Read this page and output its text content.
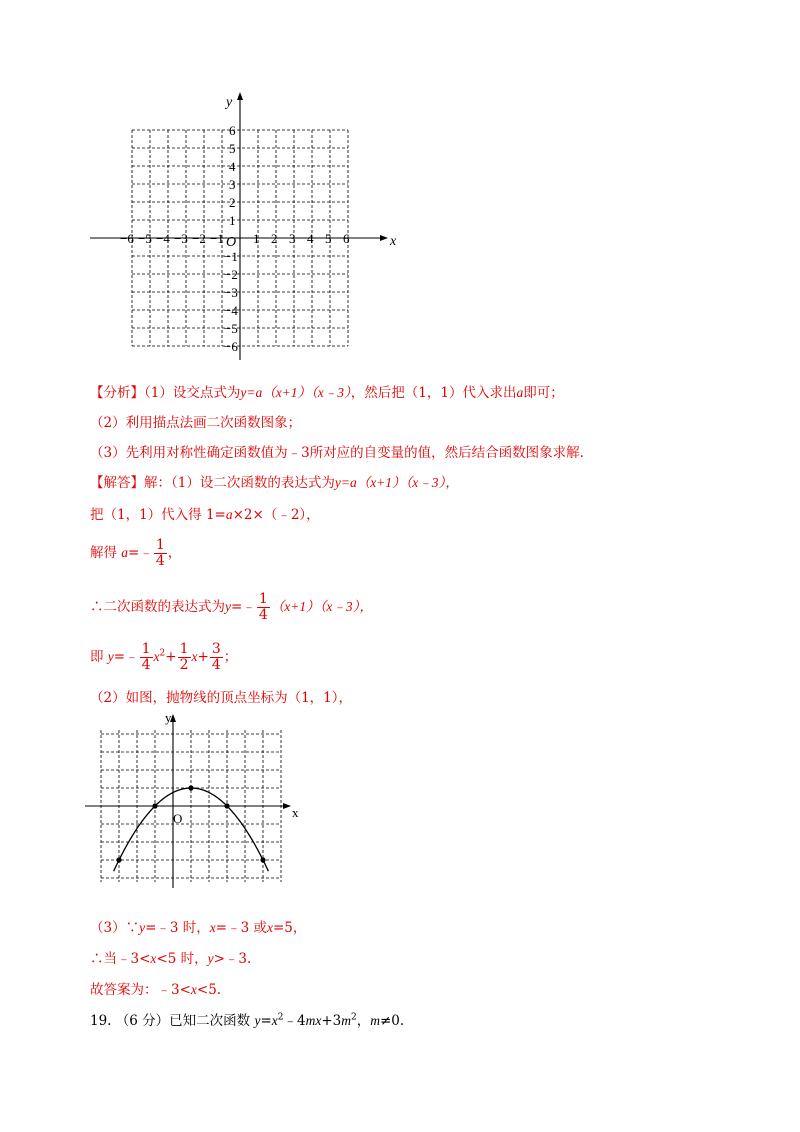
y
x
O
6
5
4
3
2
1
−1
−2
−3
−4
−5
−6
−6 −5 −4 −3 −2 −1 1 2 3 4 5 6
【分析】（1）设交点式为y=a（x+1）（x﹣3），然后把（1，1）代入求出a即可；
（2）利用描点法画二次函数图象；
（3）先利用对称性确定函数值为﹣3所对应的自变量的值，然后结合函数图象求解.
【解答】解：（1）设二次函数的表达式为y=a（x+1）（x﹣3），
把（1，1）代入得 1=a×2×（﹣2），
解得 a=﹣ $\frac{1}{4}$ ，
∴二次函数的表达式为y=﹣ $\frac{1}{4}$ （x+1）（x﹣3），
即 y=﹣ $\frac{1}{4} x^2+ \frac{1}{2} x+ \frac{3}{4}$ ；
（2）如图，抛物线的顶点坐标为（1，1），
y
x
O
（3）∵y=﹣3 时，x=﹣3 或x=5，
∴当﹣3<x<5 时，y>﹣3.
故答案为：﹣3<x<5.
19. （6 分）已知二次函数 $y=x^2﹣4mx+3m^2$，m≠0.
